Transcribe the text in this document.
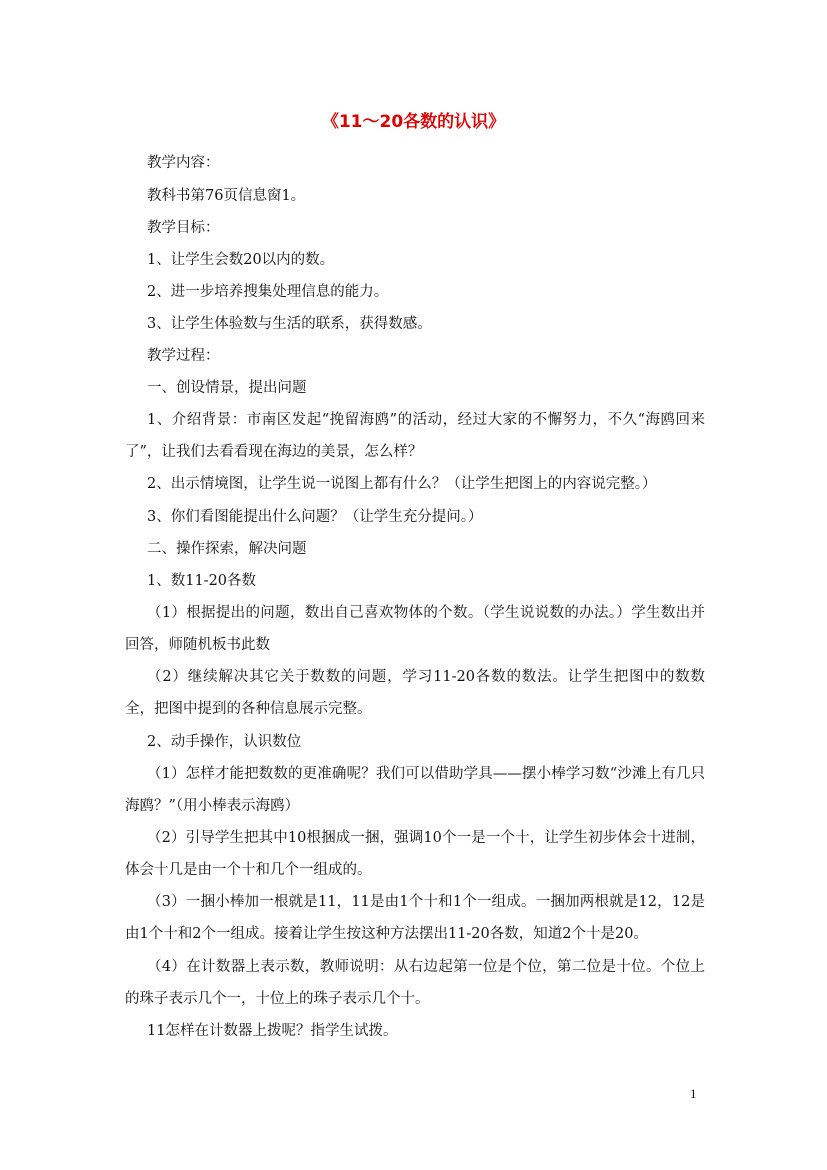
《11～20各数的认识》

教学内容：

教科书第76页信息窗1。

教学目标：

1、让学生会数20以内的数。

2、进一步培养搜集处理信息的能力。

3、让学生体验数与生活的联系，获得数感。

教学过程：

一、创设情景，提出问题

1、介绍背景：市南区发起“挽留海鸥”的活动，经过大家的不懈努力，不久“海鸥回来了”，让我们去看看现在海边的美景，怎么样？

2、出示情境图，让学生说一说图上都有什么？（让学生把图上的内容说完整。）

3、你们看图能提出什么问题？（让学生充分提问。）

二、操作探索，解决问题

1、数11-20各数

（1）根据提出的问题，数出自己喜欢物体的个数。（学生说说数的办法。）学生数出并回答，师随机板书此数

（2）继续解决其它关于数数的问题，学习11-20各数的数法。让学生把图中的数数全，把图中提到的各种信息展示完整。

2、动手操作，认识数位

（1）怎样才能把数数的更准确呢？我们可以借助学具——摆小棒学习数“沙滩上有几只海鸥？”（用小棒表示海鸥）

（2）引导学生把其中10根捆成一捆，强调10个一是一个十，让学生初步体会十进制，体会十几是由一个十和几个一组成的。

（3）一捆小棒加一根就是11，11是由1个十和1个一组成。一捆加两根就是12，12是由1个十和2个一组成。接着让学生按这种方法摆出11-20各数，知道2个十是20。

（4）在计数器上表示数，教师说明：从右边起第一位是个位，第二位是十位。个位上的珠子表示几个一，十位上的珠子表示几个十。

11怎样在计数器上拨呢？指学生试拨。

1
